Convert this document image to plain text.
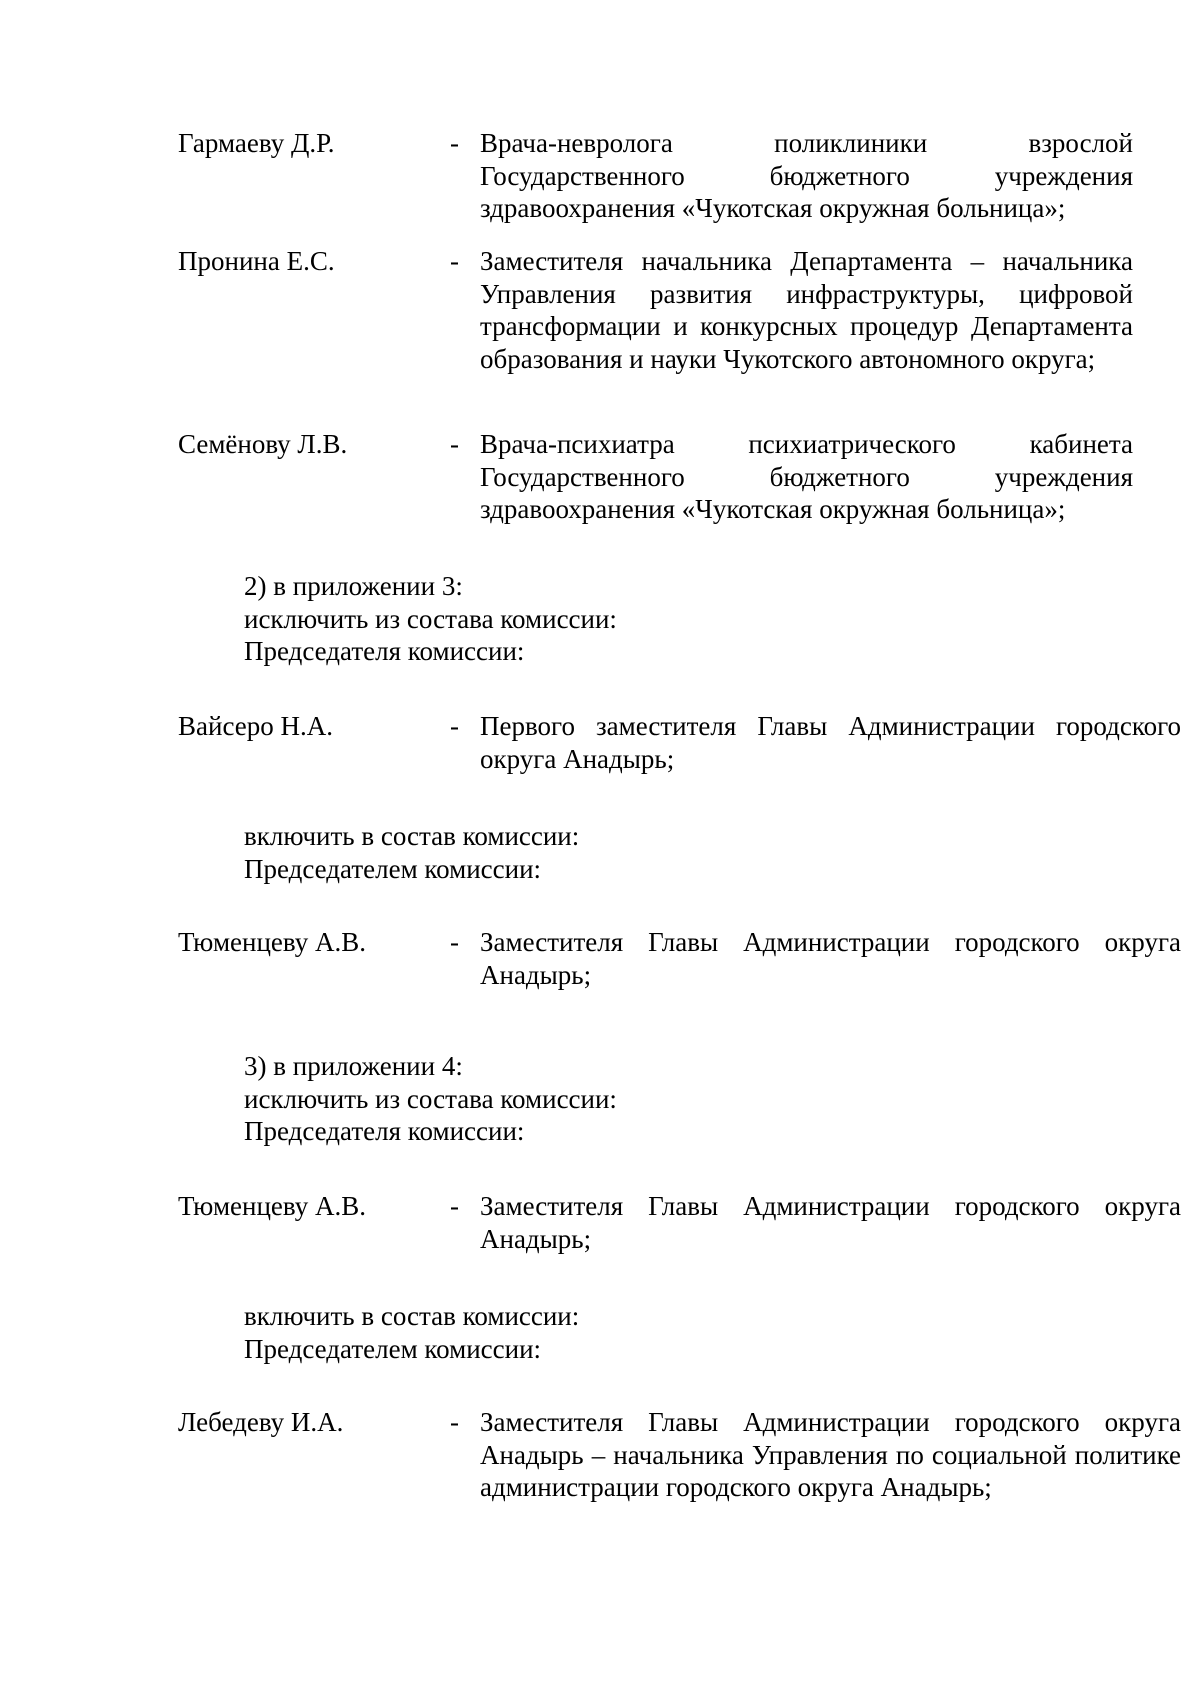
Гармаеву Д.Р.	- Врача-невролога поликлиники взрослой Государственного бюджетного учреждения здравоохранения «Чукотская окружная больница»;
Пронина Е.С.	- Заместителя начальника Департамента – начальника Управления развития инфраструктуры, цифровой трансформации и конкурсных процедур Департамента образования и науки Чукотского автономного округа;
Семёнову Л.В.	- Врача-психиатра психиатрического кабинета Государственного бюджетного учреждения здравоохранения «Чукотская окружная больница»;
2) в приложении 3:
исключить из состава комиссии:
Председателя комиссии:
Вайсеро Н.А.	- Первого заместителя Главы Администрации городского округа Анадырь;
включить в состав комиссии:
Председателем комиссии:
Тюменцеву А.В.	- Заместителя Главы Администрации городского округа Анадырь;
3) в приложении 4:
исключить из состава комиссии:
Председателя комиссии:
Тюменцеву А.В.	- Заместителя Главы Администрации городского округа Анадырь;
включить в состав комиссии:
Председателем комиссии:
Лебедеву И.А.	- Заместителя Главы Администрации городского округа Анадырь – начальника Управления по социальной политике администрации городского округа Анадырь;
